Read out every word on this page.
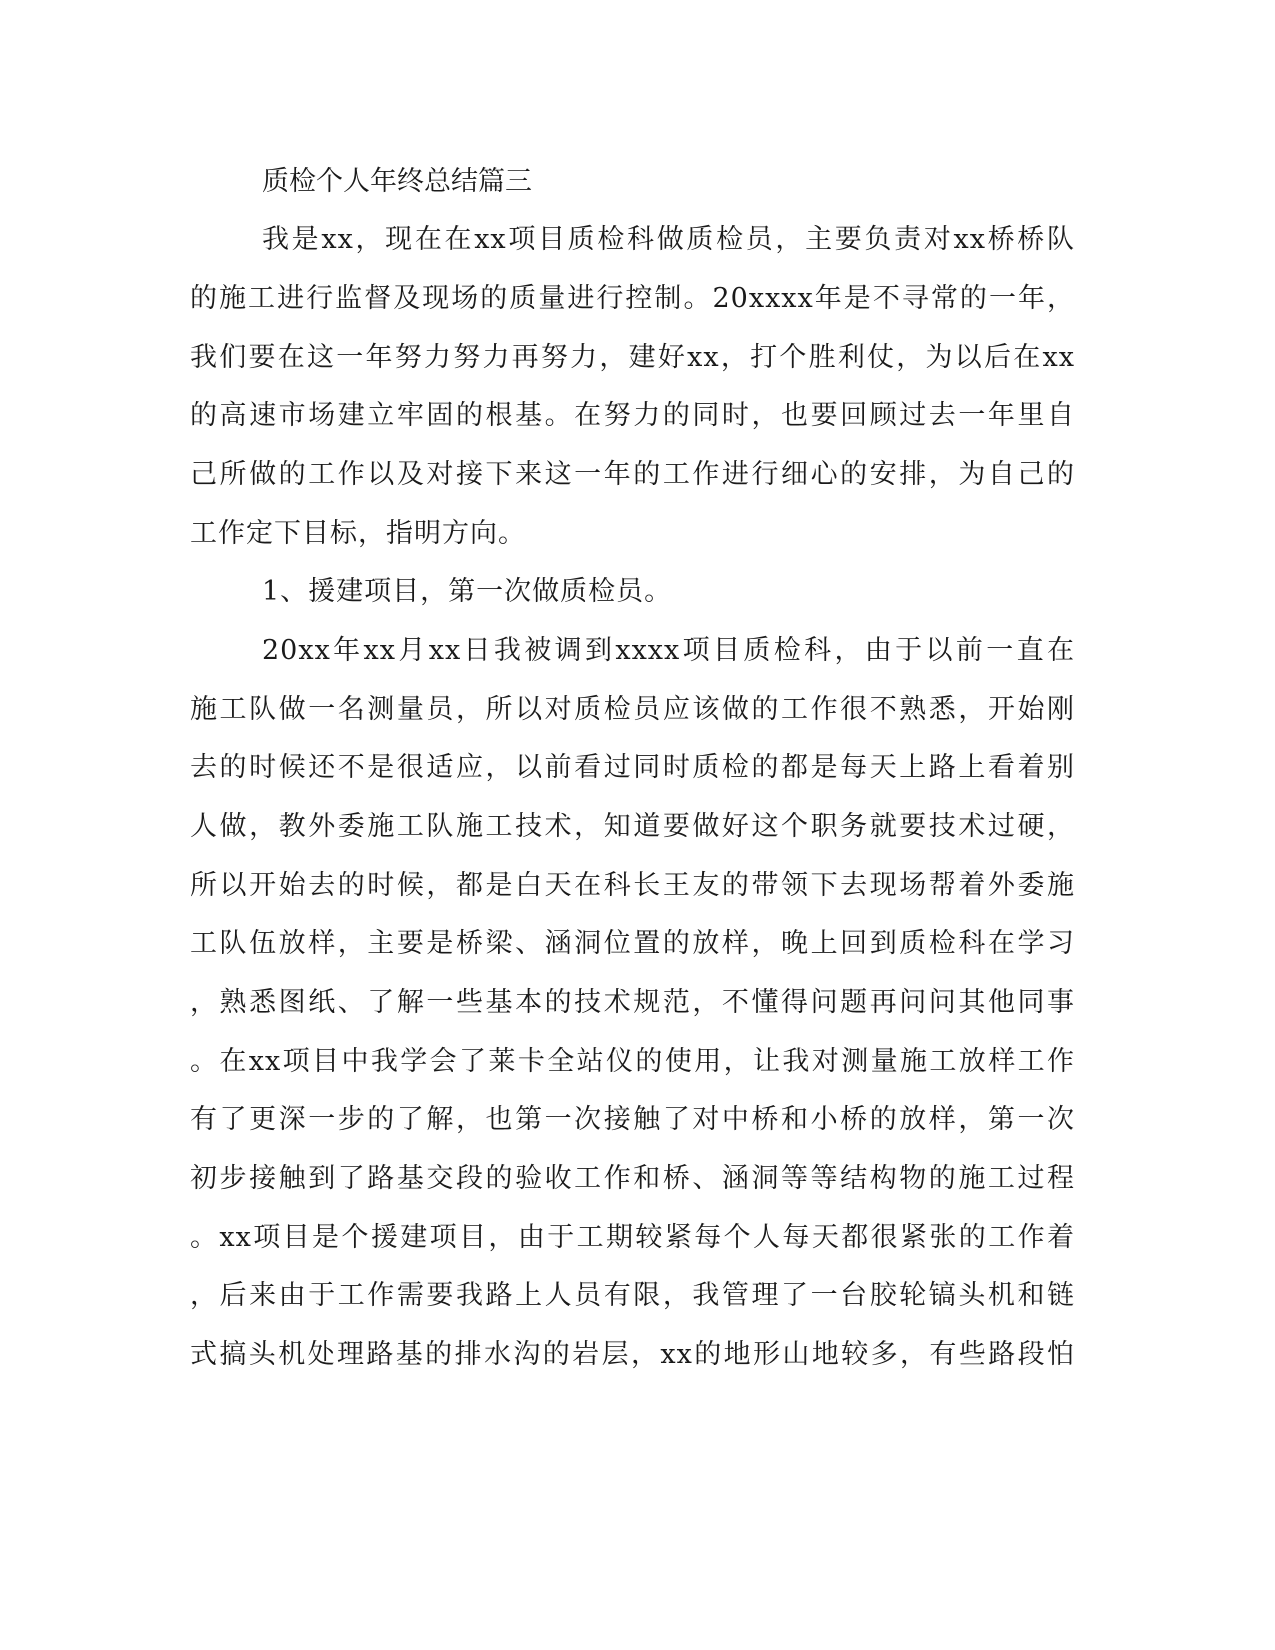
质检个人年终总结篇三
我是xx，现在在xx项目质检科做质检员，主要负责对xx桥桥队
的施工进行监督及现场的质量进行控制。20xxxx年是不寻常的一年，
我们要在这一年努力努力再努力，建好xx，打个胜利仗，为以后在xx
的高速市场建立牢固的根基。在努力的同时，也要回顾过去一年里自
己所做的工作以及对接下来这一年的工作进行细心的安排，为自己的
工作定下目标，指明方向。
1、援建项目，第一次做质检员。
20xx年xx月xx日我被调到xxxx项目质检科，由于以前一直在
施工队做一名测量员，所以对质检员应该做的工作很不熟悉，开始刚
去的时候还不是很适应，以前看过同时质检的都是每天上路上看着别
人做，教外委施工队施工技术，知道要做好这个职务就要技术过硬，
所以开始去的时候，都是白天在科长王友的带领下去现场帮着外委施
工队伍放样，主要是桥梁、涵洞位置的放样，晚上回到质检科在学习
，熟悉图纸、了解一些基本的技术规范，不懂得问题再问问其他同事
。在xx项目中我学会了莱卡全站仪的使用，让我对测量施工放样工作
有了更深一步的了解，也第一次接触了对中桥和小桥的放样，第一次
初步接触到了路基交段的验收工作和桥、涵洞等等结构物的施工过程
。xx项目是个援建项目，由于工期较紧每个人每天都很紧张的工作着
，后来由于工作需要我路上人员有限，我管理了一台胶轮镐头机和链
式搞头机处理路基的排水沟的岩层，xx的地形山地较多，有些路段怕
